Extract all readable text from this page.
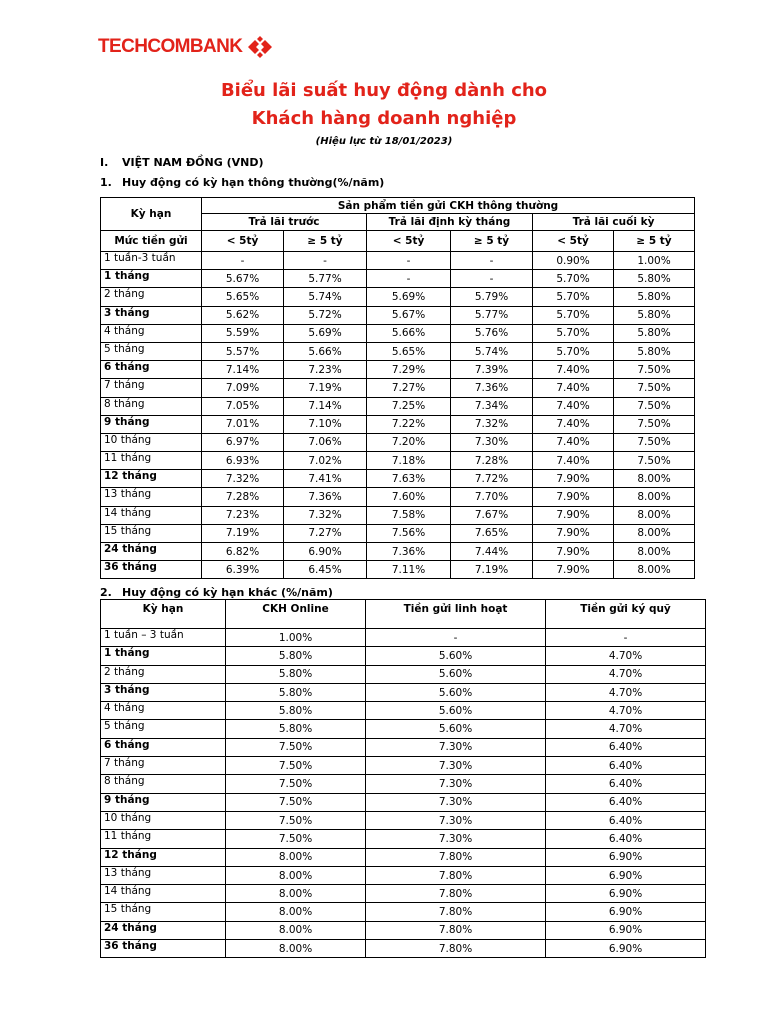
TECHCOMBANK
Biểu lãi suất huy động dành cho
Khách hàng doanh nghiệp
(Hiệu lực từ 18/01/2023)
I. VIỆT NAM ĐỒNG (VND)
1. Huy động có kỳ hạn thông thường(%/năm)
Kỳ hạn	Sản phẩm tiền gửi CKH thông thường					
	Trả lãi trước		Trả lãi định kỳ tháng		Trả lãi cuối kỳ	
Mức tiền gửi	< 5tỷ	≥ 5 tỷ	< 5tỷ	≥ 5 tỷ	< 5tỷ	≥ 5 tỷ
1 tuần-3 tuần	-	-	-	-	0.90%	1.00%
1 tháng	5.67%	5.77%	-	-	5.70%	5.80%
2 tháng	5.65%	5.74%	5.69%	5.79%	5.70%	5.80%
3 tháng	5.62%	5.72%	5.67%	5.77%	5.70%	5.80%
4 tháng	5.59%	5.69%	5.66%	5.76%	5.70%	5.80%
5 tháng	5.57%	5.66%	5.65%	5.74%	5.70%	5.80%
6 tháng	7.14%	7.23%	7.29%	7.39%	7.40%	7.50%
7 tháng	7.09%	7.19%	7.27%	7.36%	7.40%	7.50%
8 tháng	7.05%	7.14%	7.25%	7.34%	7.40%	7.50%
9 tháng	7.01%	7.10%	7.22%	7.32%	7.40%	7.50%
10 tháng	6.97%	7.06%	7.20%	7.30%	7.40%	7.50%
11 tháng	6.93%	7.02%	7.18%	7.28%	7.40%	7.50%
12 tháng	7.32%	7.41%	7.63%	7.72%	7.90%	8.00%
13 tháng	7.28%	7.36%	7.60%	7.70%	7.90%	8.00%
14 tháng	7.23%	7.32%	7.58%	7.67%	7.90%	8.00%
15 tháng	7.19%	7.27%	7.56%	7.65%	7.90%	8.00%
24 tháng	6.82%	6.90%	7.36%	7.44%	7.90%	8.00%
36 tháng	6.39%	6.45%	7.11%	7.19%	7.90%	8.00%
2. Huy động có kỳ hạn khác (%/năm)
Kỳ hạn	CKH Online	Tiền gửi linh hoạt	Tiền gửi ký quỹ
1 tuần – 3 tuần	1.00%	-	-
1 tháng	5.80%	5.60%	4.70%
2 tháng	5.80%	5.60%	4.70%
3 tháng	5.80%	5.60%	4.70%
4 tháng	5.80%	5.60%	4.70%
5 tháng	5.80%	5.60%	4.70%
6 tháng	7.50%	7.30%	6.40%
7 tháng	7.50%	7.30%	6.40%
8 tháng	7.50%	7.30%	6.40%
9 tháng	7.50%	7.30%	6.40%
10 tháng	7.50%	7.30%	6.40%
11 tháng	7.50%	7.30%	6.40%
12 tháng	8.00%	7.80%	6.90%
13 tháng	8.00%	7.80%	6.90%
14 tháng	8.00%	7.80%	6.90%
15 tháng	8.00%	7.80%	6.90%
24 tháng	8.00%	7.80%	6.90%
36 tháng	8.00%	7.80%	6.90%
